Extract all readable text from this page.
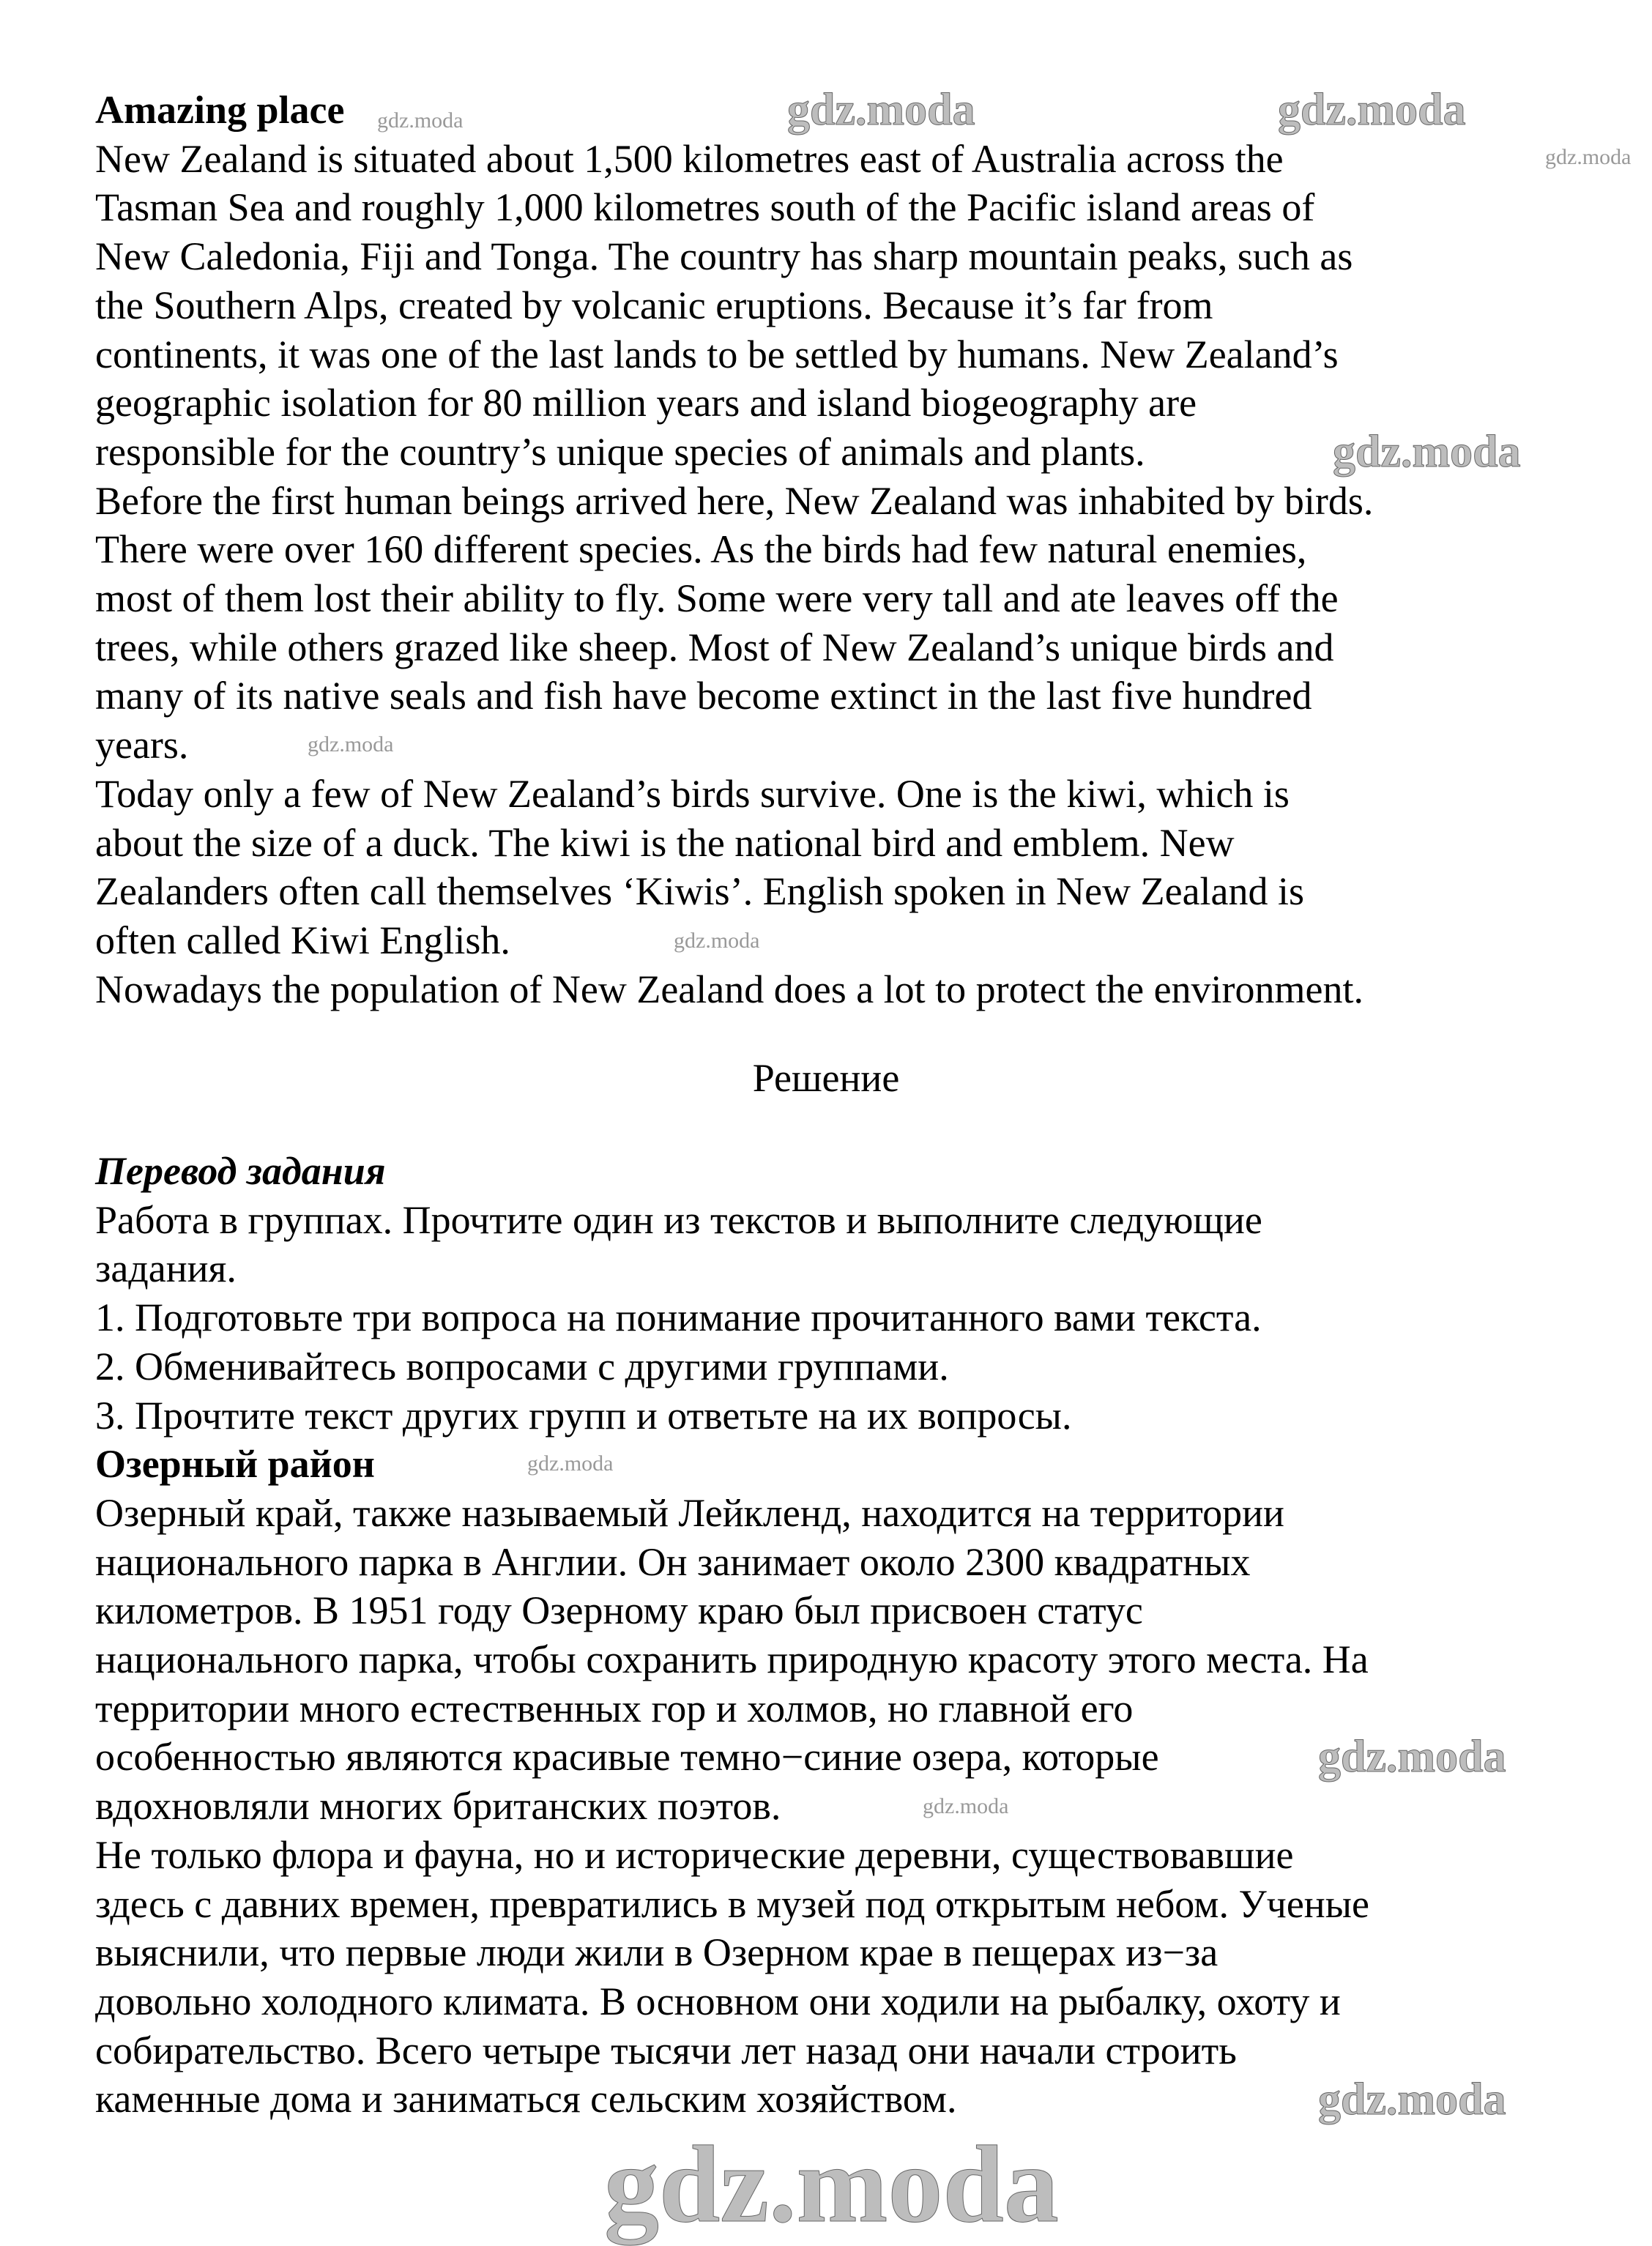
Amazing place
New Zealand is situated about 1,500 kilometres east of Australia across the
Tasman Sea and roughly 1,000 kilometres south of the Pacific island areas of
New Caledonia, Fiji and Tonga. The country has sharp mountain peaks, such as
the Southern Alps, created by volcanic eruptions. Because it’s far from
continents, it was one of the last lands to be settled by humans. New Zealand’s
geographic isolation for 80 million years and island biogeography are
responsible for the country’s unique species of animals and plants.
Before the first human beings arrived here, New Zealand was inhabited by birds.
There were over 160 different species. As the birds had few natural enemies,
most of them lost their ability to fly. Some were very tall and ate leaves off the
trees, while others grazed like sheep. Most of New Zealand’s unique birds and
many of its native seals and fish have become extinct in the last five hundred
years.
Today only a few of New Zealand’s birds survive. One is the kiwi, which is
about the size of a duck. The kiwi is the national bird and emblem. New
Zealanders often call themselves ‘Kiwis’. English spoken in New Zealand is
often called Kiwi English.
Nowadays the population of New Zealand does a lot to protect the environment.
Решение
Перевод задания
Работа в группах. Прочтите один из текстов и выполните следующие
задания.
1. Подготовьте три вопроса на понимание прочитанного вами текста.
2. Обменивайтесь вопросами с другими группами.
3. Прочтите текст других групп и ответьте на их вопросы.
Озерный район
Озерный край, также называемый Лейкленд, находится на территории
национального парка в Англии. Он занимает около 2300 квадратных
километров. В 1951 году Озерному краю был присвоен статус
национального парка, чтобы сохранить природную красоту этого места. На
территории много естественных гор и холмов, но главной его
особенностью являются красивые темно−синие озера, которые
вдохновляли многих британских поэтов.
Не только флора и фауна, но и исторические деревни, существовавшие
здесь с давних времен, превратились в музей под открытым небом. Ученые
выяснили, что первые люди жили в Озерном крае в пещерах из−за
довольно холодного климата. В основном они ходили на рыбалку, охоту и
собирательство. Всего четыре тысячи лет назад они начали строить
каменные дома и заниматься сельским хозяйством.
gdz.moda	gdz.moda	gdz.moda
gdz.moda
gdz.moda
gdz.moda
gdz.moda
gdz.moda
gdz.moda
gdz.moda
gdz.moda
gdz.moda
